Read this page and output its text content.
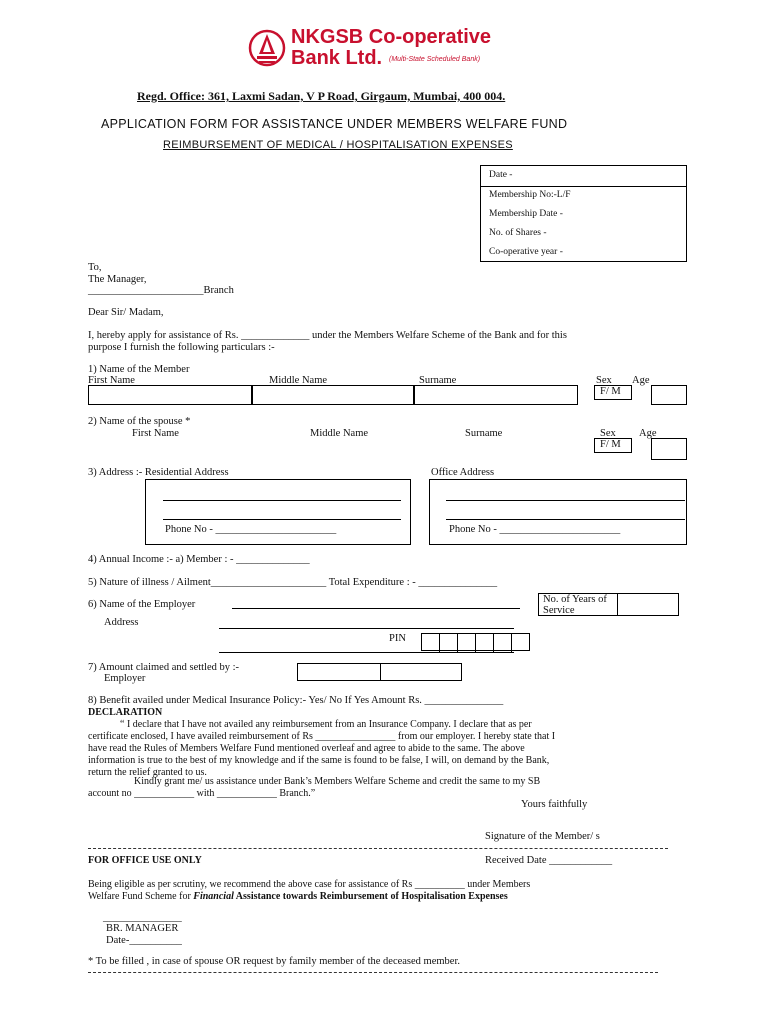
NKGSB Co-operative
Bank Ltd. (Multi-State Scheduled Bank)
Regd. Office: 361, Laxmi Sadan, V P Road, Girgaum, Mumbai, 400 004.
APPLICATION FORM FOR ASSISTANCE UNDER MEMBERS WELFARE FUND
REIMBURSEMENT OF MEDICAL / HOSPITALISATION EXPENSES
Date -
Membership No:-L/F
Membership Date -
No. of Shares -
Co-operative year -
To,
The Manager,
______________________Branch
Dear Sir/ Madam,
I, hereby apply for assistance of Rs. _____________ under the Members Welfare Scheme of the Bank and for this
purpose I furnish the following particulars :-
1) Name of the Member
First Name	Middle Name	Surname	Sex Age
F/ M
2) Name of the spouse *
First Name	Middle Name	Surname	Sex Age
F/ M
3) Address :- Residential Address	Office Address
Phone No - _______________________	Phone No - _______________________
4) Annual Income :- a) Member : - ______________
5) Nature of illness / Ailment______________________ Total Expenditure : - _______________
6) Name of the Employer	No. of Years of Service
Address
PIN
7) Amount claimed and settled by :-
Employer
8) Benefit availed under Medical Insurance Policy:- Yes/ No If Yes Amount Rs. _______________
DECLARATION
“ I declare that I have not availed any reimbursement from an Insurance Company. I declare that as per
certificate enclosed, I have availed reimbursement of Rs ________________ from our employer. I hereby state that I
have read the Rules of Members Welfare Fund mentioned overleaf and agree to abide to the same. The above
information is true to the best of my knowledge and if the same is found to be false, I will, on demand by the Bank,
return the relief granted to us.
Kindly grant me/ us assistance under Bank’s Members Welfare Scheme and credit the same to my SB
account no ____________ with ____________ Branch.”
Yours faithfully
Signature of the Member/ s
FOR OFFICE USE ONLY	Received Date ____________
Being eligible as per scrutiny, we recommend the above case for assistance of Rs __________ under Members
Welfare Fund Scheme for Financial Assistance towards Reimbursement of Hospitalisation Expenses
_______________
BR. MANAGER
Date-__________
* To be filled , in case of spouse OR request by family member of the deceased member.
